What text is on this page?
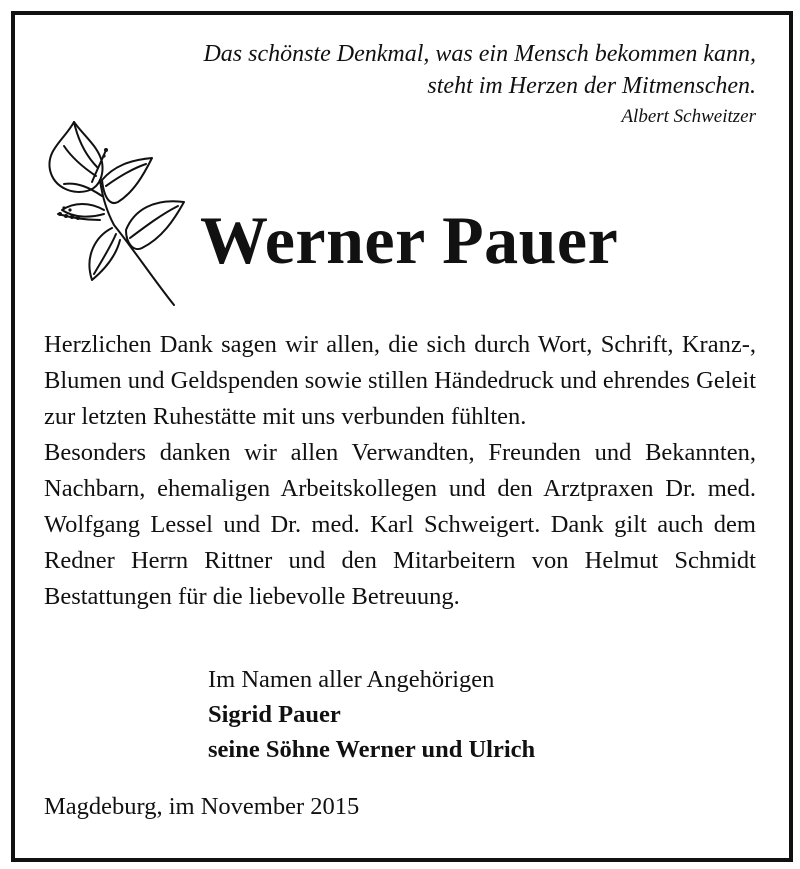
Das schönste Denkmal, was ein Mensch bekommen kann,
steht im Herzen der Mitmenschen.
Albert Schweitzer
Werner Pauer

Herzlichen Dank sagen wir allen, die sich durch Wort, Schrift, Kranz-, Blumen und Geldspenden sowie stillen Händedruck und ehrendes Geleit zur letzten Ruhestätte mit uns verbunden fühlten.

Besonders danken wir allen Verwandten, Freunden und Bekannten, Nachbarn, ehemaligen Arbeitskollegen und den Arztpraxen Dr. med. Wolfgang Lessel und Dr. med. Karl Schweigert. Dank gilt auch dem Redner Herrn Rittner und den Mitarbeitern von Helmut Schmidt Bestattungen für die liebevolle Betreuung.

Im Namen aller Angehörigen
Sigrid Pauer
seine Söhne Werner und Ulrich
Magdeburg, im November 2015
